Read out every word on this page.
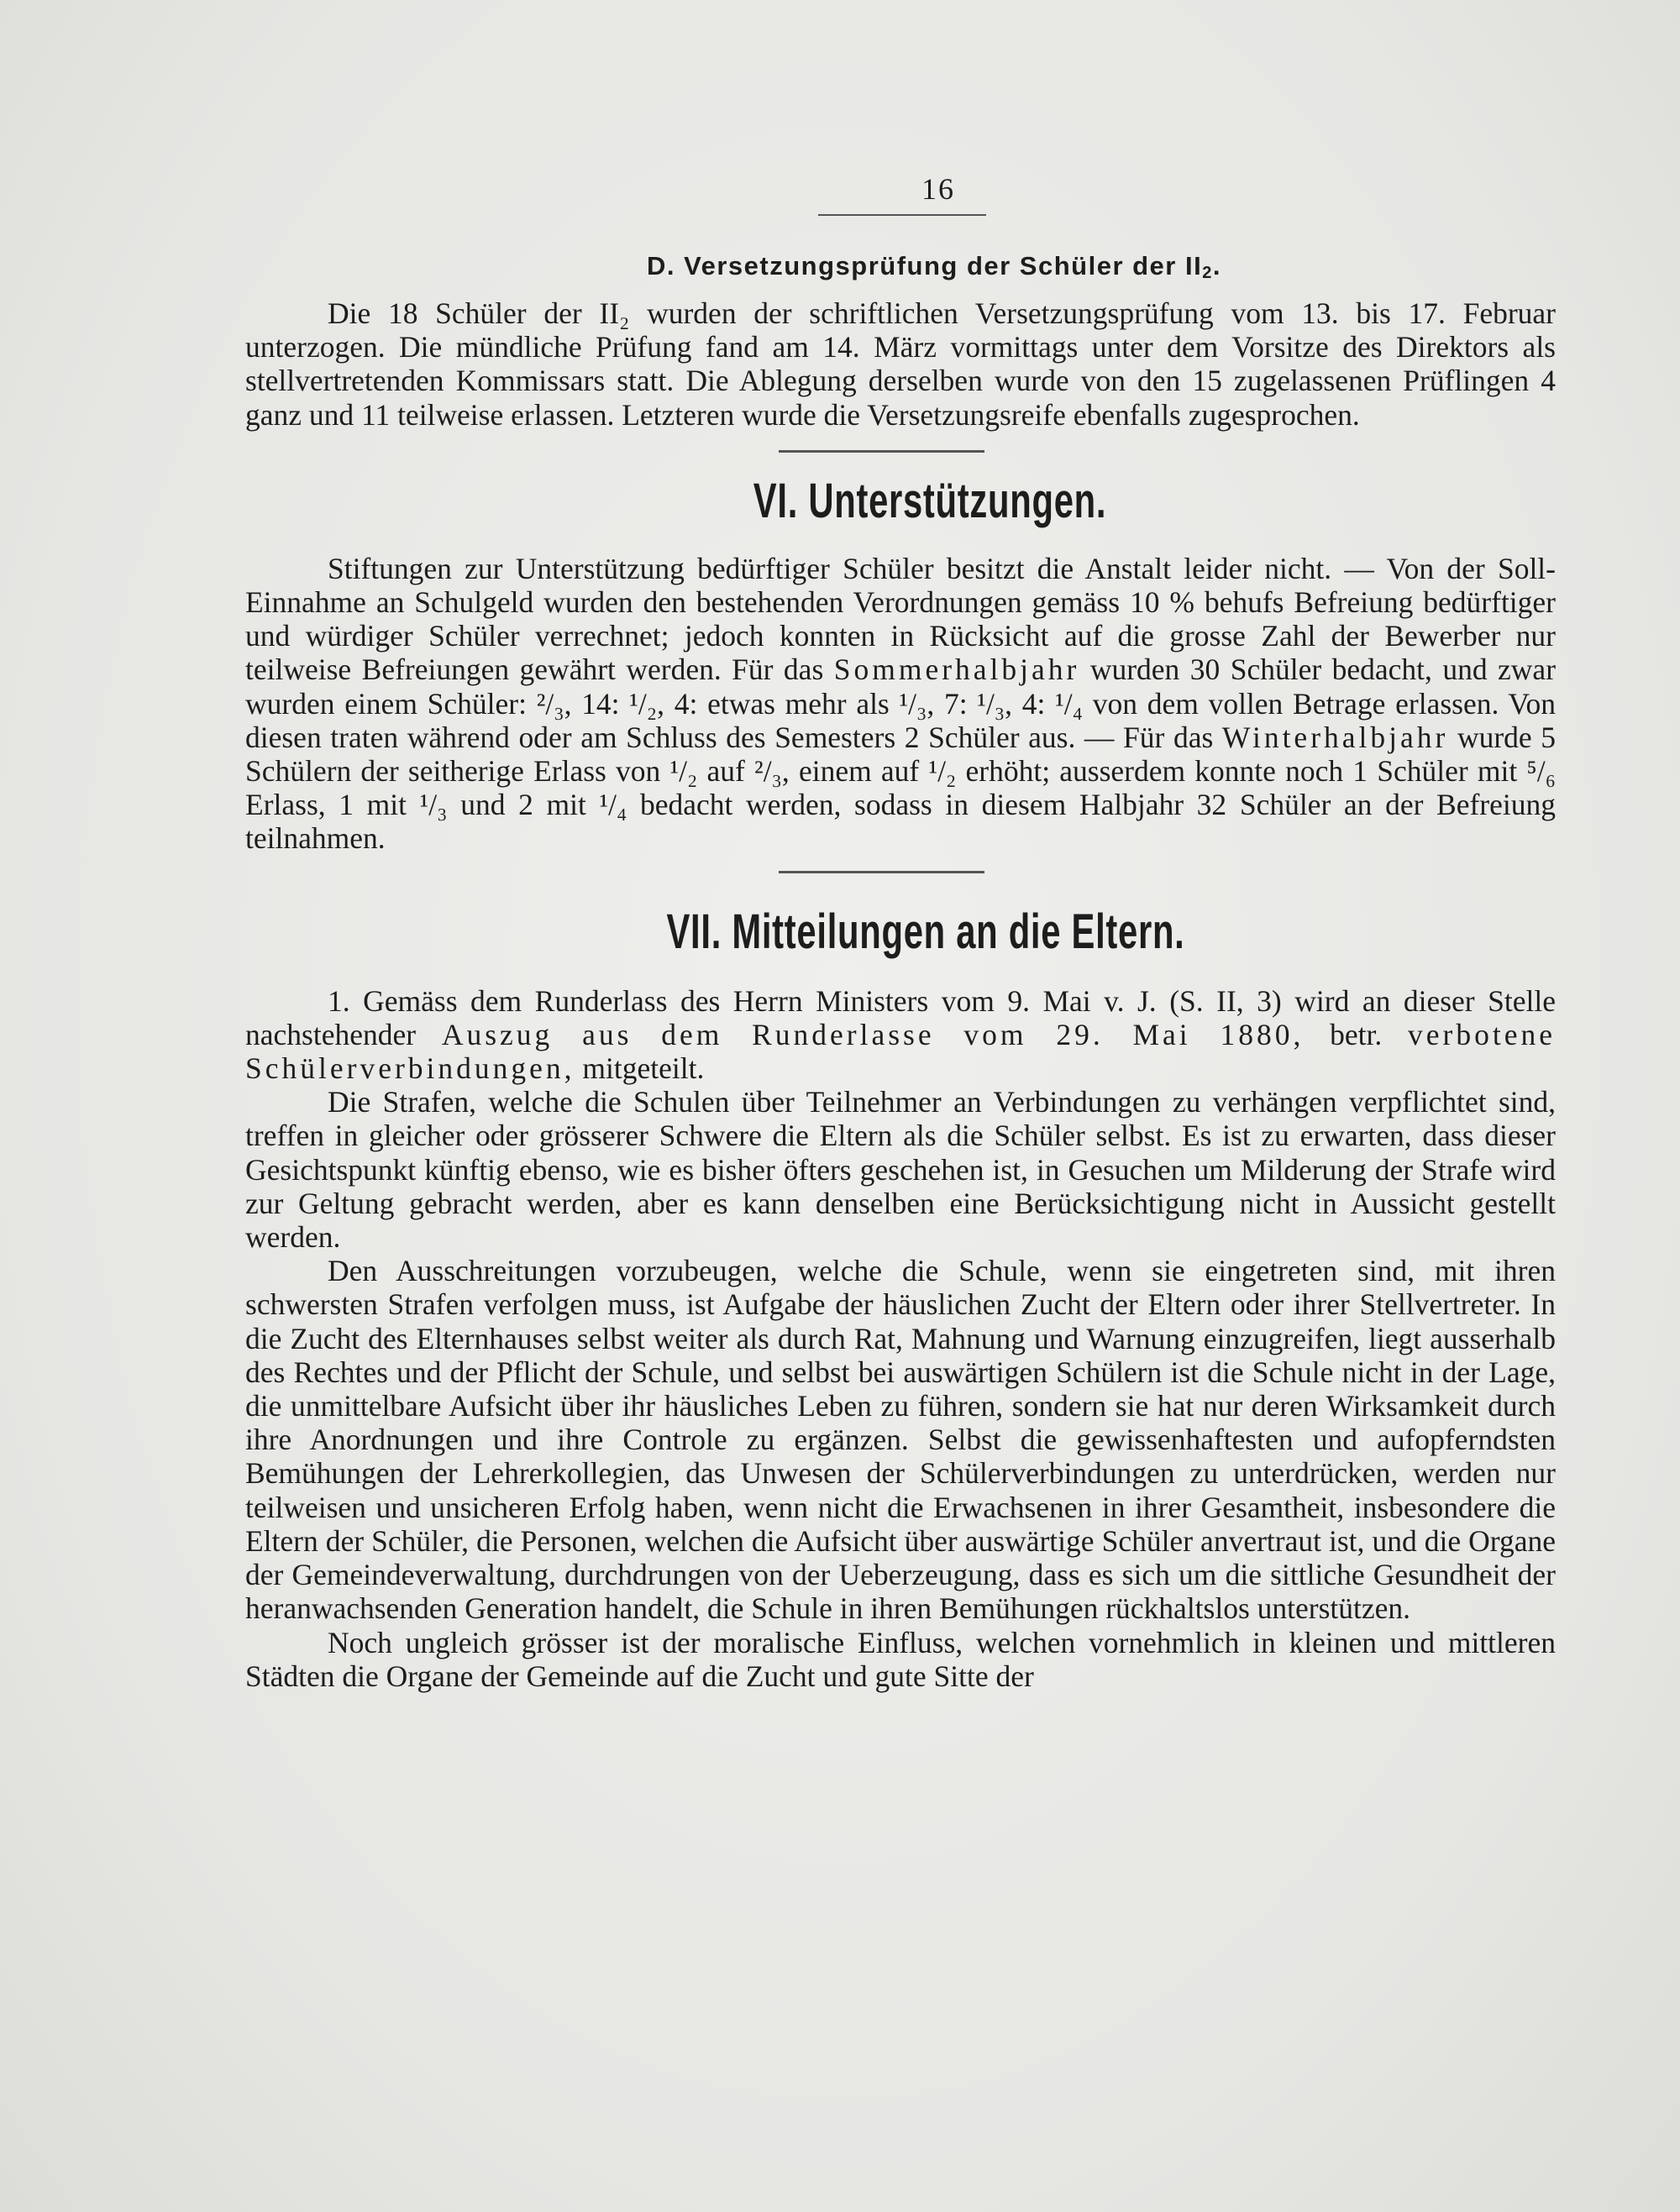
16
D. Versetzungsprüfung der Schüler der $II_2$.

Die 18 Schüler der II₂ wurden der schriftlichen Versetzungsprüfung vom 13. bis 17. Februar unterzogen. Die mündliche Prüfung fand am 14. März vormittags unter dem Vorsitze des Direktors als stellvertretenden Kommissars statt. Die Ablegung derselben wurde von den 15 zugelassenen Prüflingen 4 ganz und 11 teilweise erlassen. Letzteren wurde die Versetzungsreife ebenfalls zugesprochen.

VI. Unterstützungen.

Stiftungen zur Unterstützung bedürftiger Schüler besitzt die Anstalt leider nicht. — Von der Soll-Einnahme an Schulgeld wurden den bestehenden Verordnungen gemäss 10 % behufs Befreiung bedürftiger und würdiger Schüler verrechnet; jedoch konnten in Rücksicht auf die grosse Zahl der Bewerber nur teilweise Befreiungen gewährt werden. Für das Sommerhalbjahr wurden 30 Schüler bedacht, und zwar wurden einem Schüler: ²/₃, 14: ¹/₂, 4: etwas mehr als ¹/₃, 7: ¹/₃, 4: ¹/₄ von dem vollen Betrage erlassen. Von diesen traten während oder am Schluss des Semesters 2 Schüler aus. — Für das Winterhalbjahr wurde 5 Schülern der seitherige Erlass von ¹/₂ auf ²/₃, einem auf ¹/₂ erhöht; ausserdem konnte noch 1 Schüler mit ⁵/₆ Erlass, 1 mit ¹/₃ und 2 mit ¹/₄ bedacht werden, sodass in diesem Halbjahr 32 Schüler an der Befreiung teilnahmen.

VII. Mitteilungen an die Eltern.

1. Gemäss dem Runderlass des Herrn Ministers vom 9. Mai v. J. (S. II, 3) wird an dieser Stelle nachstehender Auszug aus dem Runderlasse vom 29. Mai 1880, betr. verbotene Schülerverbindungen, mitgeteilt.

Die Strafen, welche die Schulen über Teilnehmer an Verbindungen zu verhängen verpflichtet sind, treffen in gleicher oder grösserer Schwere die Eltern als die Schüler selbst. Es ist zu erwarten, dass dieser Gesichtspunkt künftig ebenso, wie es bisher öfters geschehen ist, in Gesuchen um Milderung der Strafe wird zur Geltung gebracht werden, aber es kann denselben eine Berücksichtigung nicht in Aussicht gestellt werden.

Den Ausschreitungen vorzubeugen, welche die Schule, wenn sie eingetreten sind, mit ihren schwersten Strafen verfolgen muss, ist Aufgabe der häuslichen Zucht der Eltern oder ihrer Stellvertreter. In die Zucht des Elternhauses selbst weiter als durch Rat, Mahnung und Warnung einzugreifen, liegt ausserhalb des Rechtes und der Pflicht der Schule, und selbst bei auswärtigen Schülern ist die Schule nicht in der Lage, die unmittelbare Aufsicht über ihr häusliches Leben zu führen, sondern sie hat nur deren Wirksamkeit durch ihre Anordnungen und ihre Controle zu ergänzen. Selbst die gewissenhaftesten und aufopferndsten Bemühungen der Lehrerkollegien, das Unwesen der Schülerverbindungen zu unterdrücken, werden nur teilweisen und unsicheren Erfolg haben, wenn nicht die Erwachsenen in ihrer Gesamtheit, insbesondere die Eltern der Schüler, die Personen, welchen die Aufsicht über auswärtige Schüler anvertraut ist, und die Organe der Gemeindeverwaltung, durchdrungen von der Ueberzeugung, dass es sich um die sittliche Gesundheit der heranwachsenden Generation handelt, die Schule in ihren Bemühungen rückhaltslos unterstützen.

Noch ungleich grösser ist der moralische Einfluss, welchen vornehmlich in kleinen und mittleren Städten die Organe der Gemeinde auf die Zucht und gute Sitte der
